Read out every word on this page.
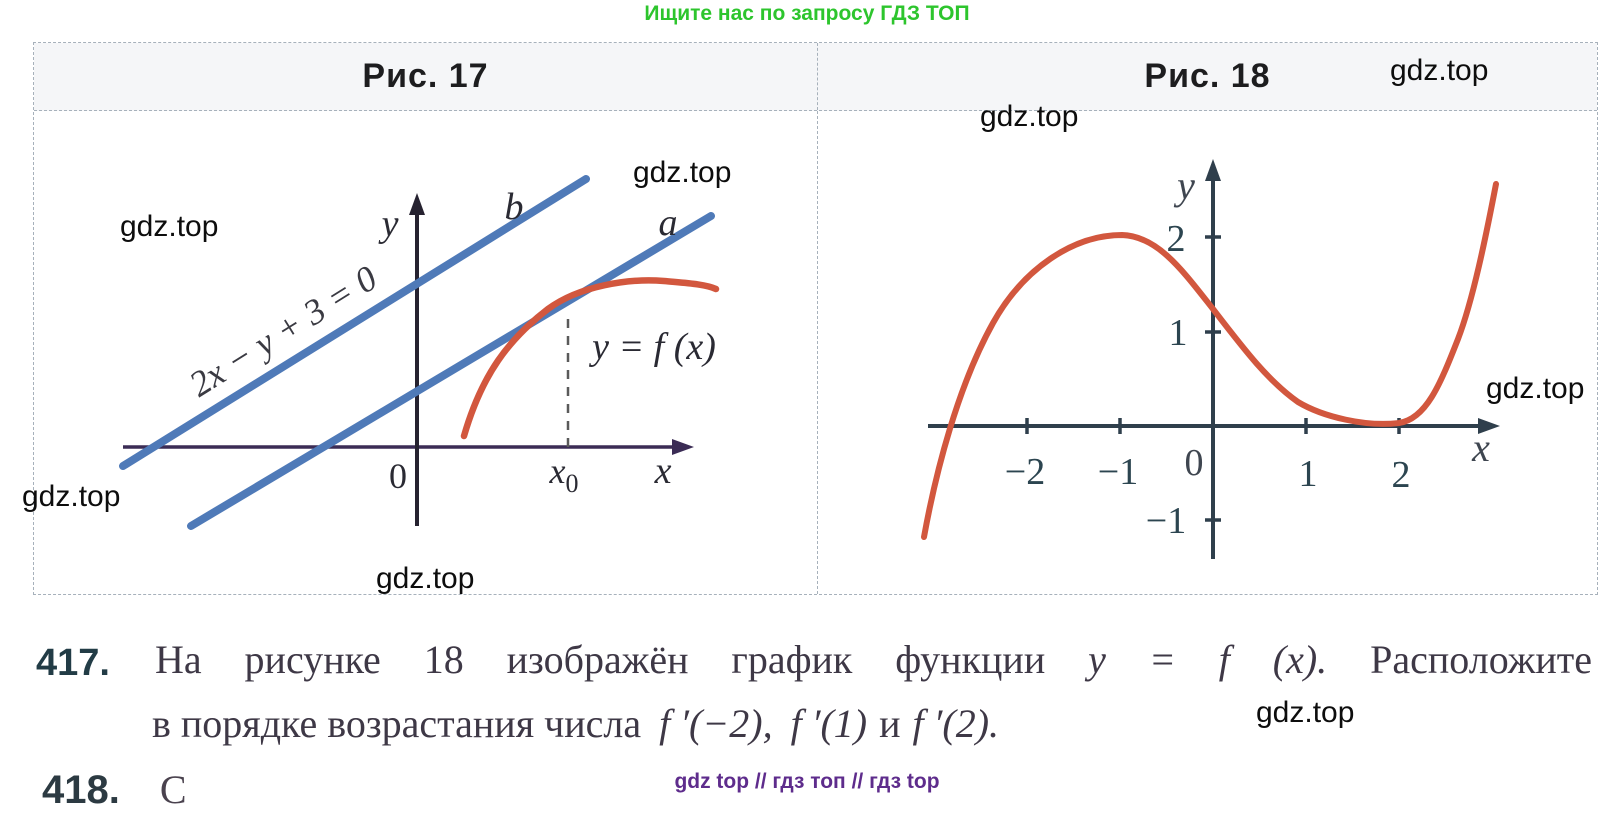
Ищите нас по запросу ГДЗ ТОП
Рис. 17	Рис. 18
y
x
0
b	a
2x − y + 3 = 0	y = f (x)
$x_0$
y
x
0
2
1
−1
−2 −1	1 2
gdz.top
gdz.top
gdz.top
gdz.top
gdz.top
gdz.top
gdz.top
gdz.top
417. На рисунке 18 изображён график функции y = f (x). Расположите
в порядке возрастания числа f ′(−2), f ′(1) и f ′(2).
418. С	gdz top // гдз топ // гдз top
